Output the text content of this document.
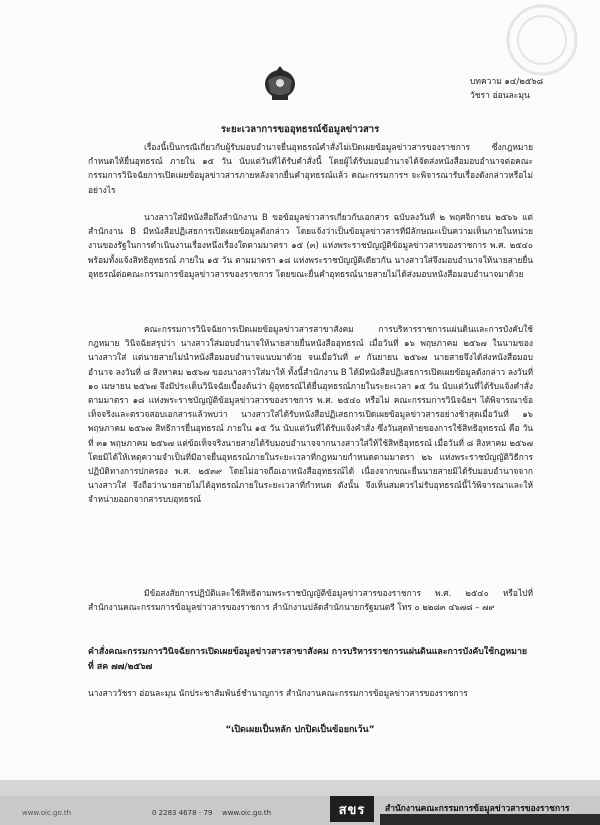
บทความ ๑๔/๒๕๖๘
วัชรา อ่อนละมุน
ระยะเวลาการขออุทธรณ์ข้อมูลข่าวสาร
เรื่องนี้เป็นกรณีเกี่ยวกับผู้รับมอบอำนาจยื่นอุทธรณ์คำสั่งไม่เปิดเผยข้อมูลข่าวสารของราชการ ซึ่งกฎหมายกำหนดให้ยื่นอุทธรณ์ ภายใน ๑๕ วัน นับแต่วันที่ได้รับคำสั่งนี้ โดยผู้ได้รับมอบอำนาจได้จัดส่งหนังสือมอบอำนาจต่อคณะกรรมการวินิจฉัยการเปิดเผยข้อมูลข่าวสารภายหลังจากยื่นคำอุทธรณ์แล้ว คณะกรรมการฯ จะพิจารณารับเรื่องดังกล่าวหรือไม่ อย่างไร
นางสาวใส่มีหนังสือถึงสำนักงาน B ขอข้อมูลข่าวสารเกี่ยวกับเอกสาร ฉบับลงวันที่ ๒ พฤศจิกายน ๒๕๖๖ แต่สำนักงาน B มีหนังสือปฏิเสธการเปิดเผยข้อมูลดังกล่าว โดยแจ้งว่าเป็นข้อมูลข่าวสารที่มีลักษณะเป็นความเห็นภายในหน่วยงานของรัฐในการดำเนินงานเรื่องหนึ่งเรื่องใดตามมาตรา ๑๕ (๓) แห่งพระราชบัญญัติข้อมูลข่าวสารของราชการ พ.ศ. ๒๕๔๐ พร้อมทั้งแจ้งสิทธิอุทธรณ์ ภายใน ๑๕ วัน ตามมาตรา ๑๘ แห่งพระราชบัญญัติเดียวกัน นางสาวใส่จึงมอบอำนาจให้นายสายยื่นอุทธรณ์ต่อคณะกรรมการข้อมูลข่าวสารของราชการ โดยขณะยื่นคำอุทธรณ์นายสายไม่ได้ส่งมอบหนังสือมอบอำนาจมาด้วย
คณะกรรมการวินิจฉัยการเปิดเผยข้อมูลข่าวสารสาขาสังคม การบริหารราชการแผ่นดินและการบังคับใช้กฎหมาย วินิจฉัยสรุปว่า นางสาวใส่มอบอำนาจให้นายสายยื่นหนังสืออุทธรณ์ เมื่อวันที่ ๑๖ พฤษภาคม ๒๕๖๗ ในนามของนางสาวใส่ แต่นายสายไม่นำหนังสือมอบอำนาจแนบมาด้วย จนเมื่อวันที่ ๙ กันยายน ๒๕๖๗ นายสายจึงได้ส่งหนังสือมอบอำนาจ ลงวันที่ ๘ สิงหาคม ๒๕๖๗ ของนางสาวใส่มาให้ ทั้งนี้สำนักงาน B ได้มีหนังสือปฏิเสธการเปิดเผยข้อมูลดังกล่าว ลงวันที่ ๑๐ เมษายน ๒๕๖๗ จึงมีประเด็นวินิจฉัยเบื้องต้นว่า ผู้อุทธรณ์ได้ยื่นอุทธรณ์ภายในระยะเวลา ๑๕ วัน นับแต่วันที่ได้รับแจ้งคำสั่งตามมาตรา ๑๘ แห่งพระราชบัญญัติข้อมูลข่าวสารของราชการ พ.ศ. ๒๕๔๐ หรือไม่ คณะกรรมการวินิจฉัยฯ ได้พิจารณาข้อเท็จจริงและตรวจสอบเอกสารแล้วพบว่า นางสาวใส่ได้รับหนังสือปฏิเสธการเปิดเผยข้อมูลข่าวสารอย่างช้าสุดเมื่อวันที่ ๑๖ พฤษภาคม ๒๕๖๗ สิทธิการยื่นอุทธรณ์ ภายใน ๑๕ วัน นับแต่วันที่ได้รับแจ้งคำสั่ง ซึ่งวันสุดท้ายของการใช้สิทธิอุทธรณ์ คือ วันที่ ๓๑ พฤษภาคม ๒๕๖๗ แต่ข้อเท็จจริงนายสายได้รับมอบอำนาจจากนางสาวใส่ให้ใช้สิทธิอุทธรณ์ เมื่อวันที่ ๘ สิงหาคม ๒๕๖๗ โดยมิได้ให้เหตุความจำเป็นที่มีอาจยื่นอุทธรณ์ภายในระยะเวลาที่กฎหมายกำหนดตามมาตรา ๒๖ แห่งพระราชบัญญัติวิธีการปฏิบัติทางการปกครอง พ.ศ. ๒๕๓๙ โดยไม่อาจถือเอาหนังสืออุทธรณ์ได้ เนื่องจากขณะยื่นนายสายมิได้รับมอบอำนาจจากนางสาวใส่ จึงถือว่านายสายไม่ได้อุทธรณ์ภายในระยะเวลาที่กำหนด ดังนั้น จึงเห็นสมควรไม่รับอุทธรณ์นี้ไว้พิจารณาและให้จำหน่ายออกจากสารบบอุทธรณ์
มีข้อสงสัยการปฏิบัติและใช้สิทธิตามพระราชบัญญัติข้อมูลข่าวสารของราชการ พ.ศ. ๒๕๔๐ หรือไปที่ สำนักงานคณะกรรมการข้อมูลข่าวสารของราชการ สำนักงานปลัดสำนักนายกรัฐมนตรี โทร ๐ ๒๒๘๓ ๔๖๗๘ – ๗๙
คำสั่งคณะกรรมการวินิจฉัยการเปิดเผยข้อมูลข่าวสารสาขาสังคม การบริหารราชการแผ่นดินและการบังคับใช้กฎหมาย ที่ สค ๗๗/๒๕๖๗
นางสาววัชรา อ่อนละมุน นักประชาสัมพันธ์ชำนาญการ สำนักงานคณะกรรมการข้อมูลข่าวสารของราชการ
“เปิดเผยเป็นหลัก ปกปิดเป็นข้อยกเว้น”
www.oic.go.th	0 2283 4678 - 79 www.oic.go.th	สขร	สำนักงานคณะกรรมการข้อมูลข่าวสารของราชการ
